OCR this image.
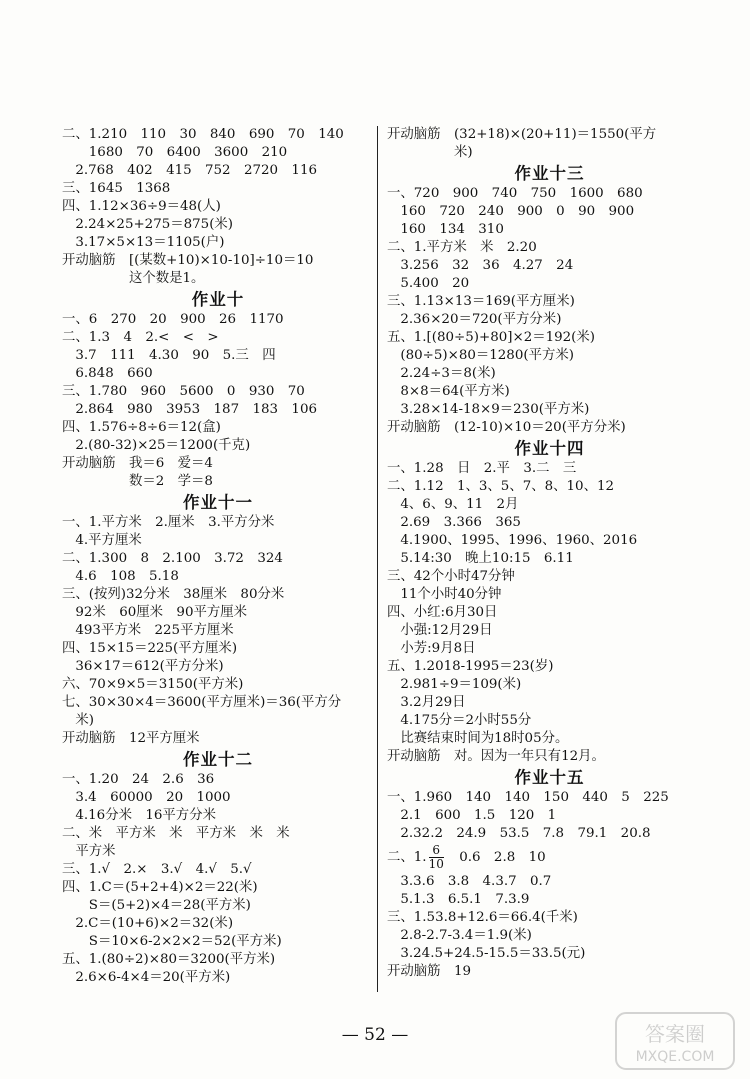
二、1.210　110　30　840　690　70　140
　　1680　70　6400　3600　210
　2.768　402　415　752　2720　116
三、1645　1368
四、1.12×36÷9＝48(人)
　2.24×25+275＝875(米)
　3.17×5×13＝1105(户)
开动脑筋　[(某数+10)×10-10]÷10＝10
　　　　　这个数是1。
作业十
一、6　270　20　900　26　1170
二、1.3　4　2.<　<　>
　3.7　111　4.30　90　5.三　四
　6.848　660
三、1.780　960　5600　0　930　70
　2.864　980　3953　187　183　106
四、1.576÷8÷6＝12(盒)
　2.(80-32)×25＝1200(千克)
开动脑筋　我＝6　爱＝4
　　　　　数＝2　学＝8
作业十一
一、1.平方米　2.厘米　3.平方分米
　4.平方厘米
二、1.300　8　2.100　3.72　324
　4.6　108　5.18
三、(按列)32分米　38厘米　80分米
　92米　60厘米　90平方厘米
　493平方米　225平方厘米
四、15×15＝225(平方厘米)
　36×17＝612(平方分米)
六、70×9×5＝3150(平方米)
七、30×30×4＝3600(平方厘米)＝36(平方分
　米)
开动脑筋　12平方厘米
作业十二
一、1.20　24　2.6　36
　3.4　60000　20　1000
　4.16分米　16平方分米
二、米　平方米　米　平方米　米　米
　平方米
三、1.√　2.×　3.√　4.√　5.√
四、1.C＝(5+2+4)×2＝22(米)
　　S＝(5+2)×4＝28(平方米)
　2.C＝(10+6)×2＝32(米)
　　S＝10×6-2×2×2＝52(平方米)
五、1.(80÷2)×80＝3200(平方米)
　2.6×6-4×4＝20(平方米)
开动脑筋　(32+18)×(20+11)＝1550(平方
　　　　　米)
作业十三
一、720　900　740　750　1600　680
　160　720　240　900　0　90　900
　160　134　310
二、1.平方米　米　2.20
　3.256　32　36　4.27　24
　5.400　20
三、1.13×13＝169(平方厘米)
　2.36×20＝720(平方分米)
五、1.[(80÷5)+80]×2＝192(米)
　(80÷5)×80＝1280(平方米)
　2.24÷3＝8(米)
　8×8＝64(平方米)
　3.28×14-18×9＝230(平方米)
开动脑筋　(12-10)×10＝20(平方分米)
作业十四
一、1.28　日　2.平　3.二　三
二、1.12　1、3、5、7、8、10、12
　4、6、9、11　2月
　2.69　3.366　365
　4.1900、1995、1996、1960、2016
　5.14:30　晚上10:15　6.11
三、42个小时47分钟
　11个小时40分钟
四、小红:6月30日
　小强:12月29日
　小芳:9月8日
五、1.2018-1995＝23(岁)
　2.981÷9＝109(米)
　3.2月29日
　4.175分＝2小时55分
　比赛结束时间为18时05分。
开动脑筋　对。因为一年只有12月。
作业十五
一、1.960　140　140　150　440　5　225
　2.1　600　1.5　120　1
　2.32.2　24.9　53.5　7.8　79.1　20.8
二、1. $\frac{6}{10}$ 　0.6　2.8　10
　3.3.6　3.8　4.3.7　0.7
　5.1.3　6.5.1　7.3.9
三、1.53.8+12.6＝66.4(千米)
　2.8-2.7-3.4＝1.9(米)
　3.24.5+24.5-15.5＝33.5(元)
开动脑筋　19
— 52 —	答案圈
MXQE.COM
